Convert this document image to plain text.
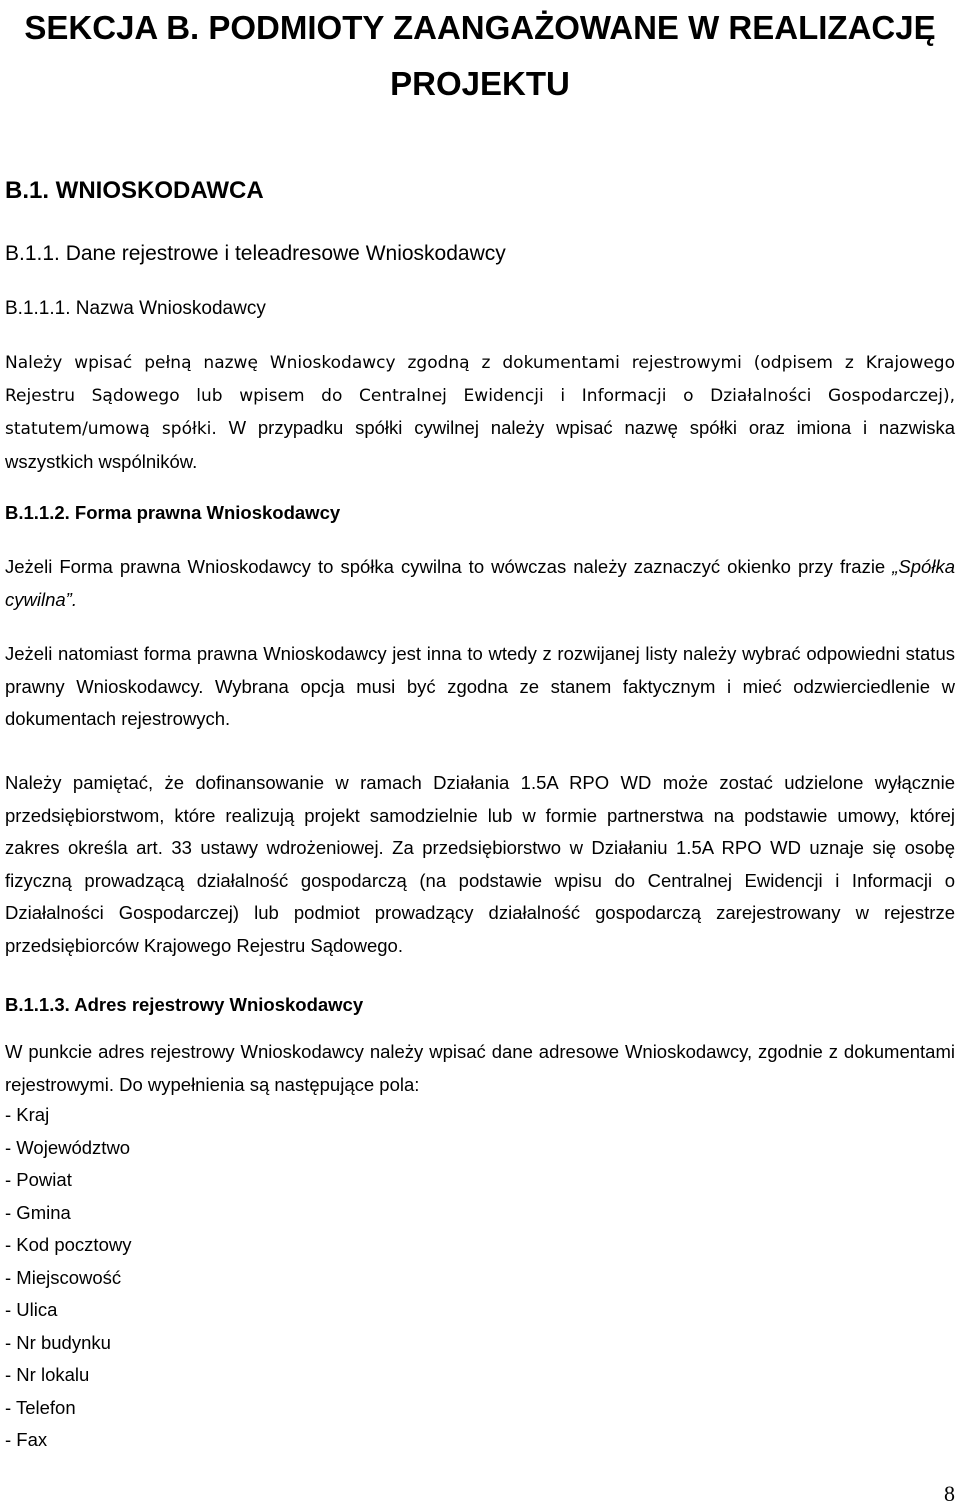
SEKCJA B. PODMIOTY ZAANGAŻOWANE W REALIZACJĘ
PROJEKTU
B.1. WNIOSKODAWCA
B.1.1. Dane rejestrowe i teleadresowe Wnioskodawcy
B.1.1.1. Nazwa Wnioskodawcy

Należy wpisać pełną nazwę Wnioskodawcy zgodną z dokumentami rejestrowymi (odpisem z Krajowego Rejestru Sądowego lub wpisem do Centralnej Ewidencji i Informacji o Działalności Gospodarczej), statutem/umową spółki. W przypadku spółki cywilnej należy wpisać nazwę spółki oraz imiona i nazwiska wszystkich wspólników.

B.1.1.2. Forma prawna Wnioskodawcy

Jeżeli Forma prawna Wnioskodawcy to spółka cywilna to wówczas należy zaznaczyć okienko przy frazie „Spółka cywilna”.

Jeżeli natomiast forma prawna Wnioskodawcy jest inna to wtedy z rozwijanej listy należy wybrać odpowiedni status prawny Wnioskodawcy. Wybrana opcja musi być zgodna ze stanem faktycznym i mieć odzwierciedlenie w dokumentach rejestrowych.

Należy pamiętać, że dofinansowanie w ramach Działania 1.5A RPO WD może zostać udzielone wyłącznie przedsiębiorstwom, które realizują projekt samodzielnie lub w formie partnerstwa na podstawie umowy, której zakres określa art. 33 ustawy wdrożeniowej. Za przedsiębiorstwo w Działaniu 1.5A RPO WD uznaje się osobę fizyczną prowadzącą działalność gospodarczą (na podstawie wpisu do Centralnej Ewidencji i Informacji o Działalności Gospodarczej) lub podmiot prowadzący działalność gospodarczą zarejestrowany w rejestrze przedsiębiorców Krajowego Rejestru Sądowego.

B.1.1.3. Adres rejestrowy Wnioskodawcy

W punkcie adres rejestrowy Wnioskodawcy należy wpisać dane adresowe Wnioskodawcy, zgodnie z dokumentami rejestrowymi. Do wypełnienia są następujące pola:

- Kraj
- Województwo
- Powiat
- Gmina
- Kod pocztowy
- Miejscowość
- Ulica
- Nr budynku
- Nr lokalu
- Telefon
- Fax
8
